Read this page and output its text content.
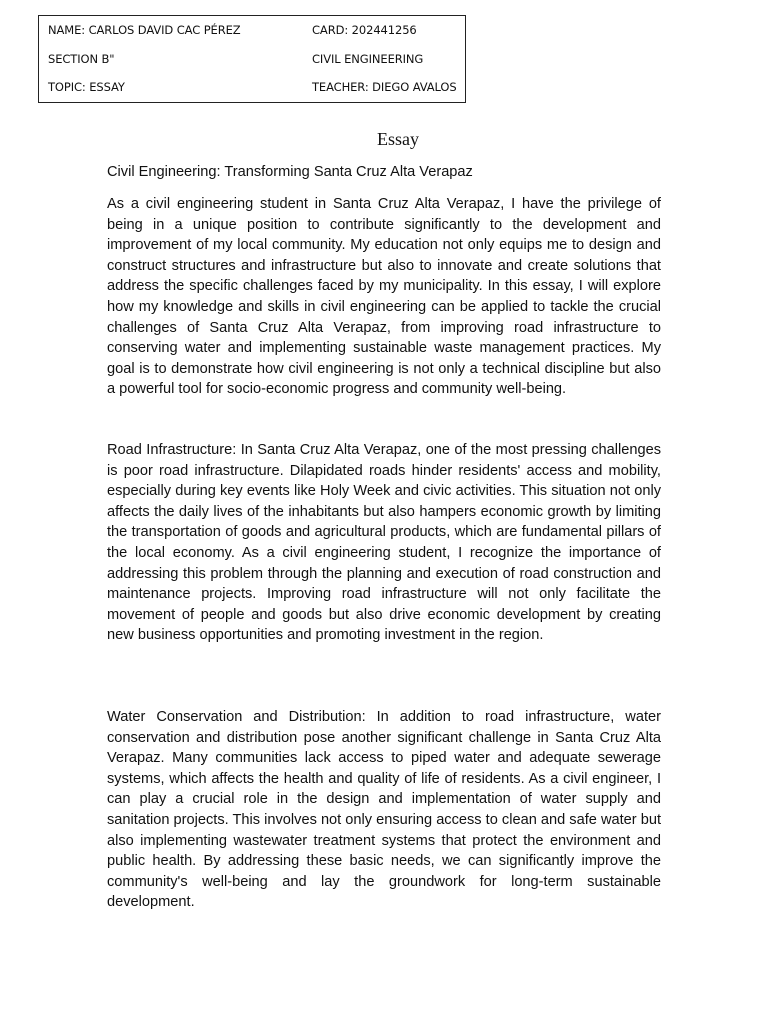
NAME: CARLOS DAVID CAC PÉREZ	CARD: 202441256
SECTION B"	CIVIL ENGINEERING
TOPIC: ESSAY	TEACHER: DIEGO AVALOS
Essay
Civil Engineering: Transforming Santa Cruz Alta Verapaz

As a civil engineering student in Santa Cruz Alta Verapaz, I have the privilege of being in a unique position to contribute significantly to the development and improvement of my local community. My education not only equips me to design and construct structures and infrastructure but also to innovate and create solutions that address the specific challenges faced by my municipality. In this essay, I will explore how my knowledge and skills in civil engineering can be applied to tackle the crucial challenges of Santa Cruz Alta Verapaz, from improving road infrastructure to conserving water and implementing sustainable waste management practices. My goal is to demonstrate how civil engineering is not only a technical discipline but also a powerful tool for socio-economic progress and community well-being.

Road Infrastructure: In Santa Cruz Alta Verapaz, one of the most pressing challenges is poor road infrastructure. Dilapidated roads hinder residents' access and mobility, especially during key events like Holy Week and civic activities. This situation not only affects the daily lives of the inhabitants but also hampers economic growth by limiting the transportation of goods and agricultural products, which are fundamental pillars of the local economy. As a civil engineering student, I recognize the importance of addressing this problem through the planning and execution of road construction and maintenance projects. Improving road infrastructure will not only facilitate the movement of people and goods but also drive economic development by creating new business opportunities and promoting investment in the region.

Water Conservation and Distribution: In addition to road infrastructure, water conservation and distribution pose another significant challenge in Santa Cruz Alta Verapaz. Many communities lack access to piped water and adequate sewerage systems, which affects the health and quality of life of residents. As a civil engineer, I can play a crucial role in the design and implementation of water supply and sanitation projects. This involves not only ensuring access to clean and safe water but also implementing wastewater treatment systems that protect the environment and public health. By addressing these basic needs, we can significantly improve the community's well-being and lay the groundwork for long-term sustainable development.
